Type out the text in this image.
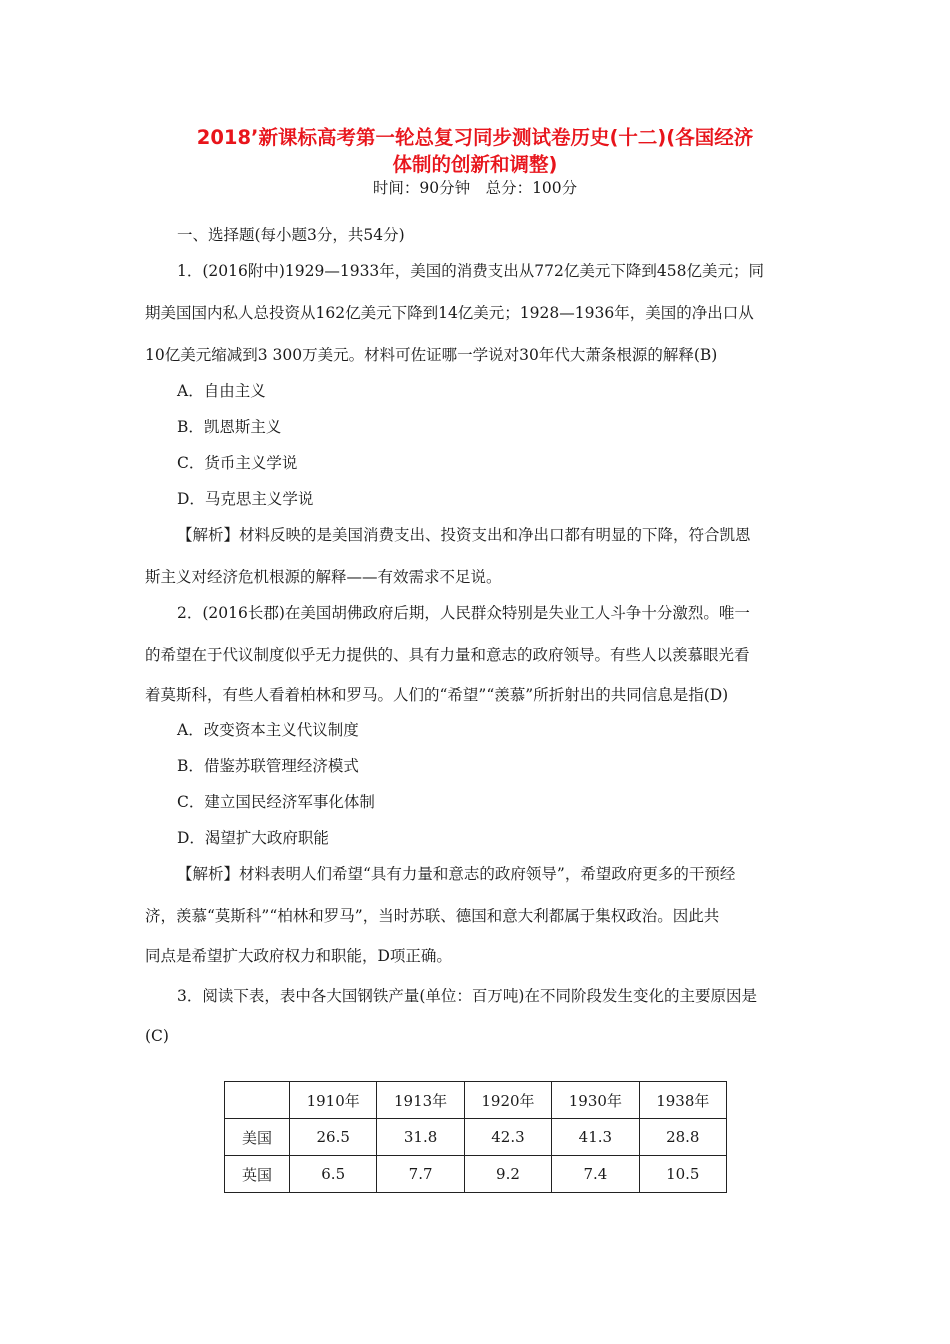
2018’新课标高考第一轮总复习同步测试卷历史(十二)(各国经济
体制的创新和调整)
时间：90分钟　总分：100分
一、选择题(每小题3分，共54分)
1．(2016附中)1929—1933年，美国的消费支出从772亿美元下降到458亿美元；同
期美国国内私人总投资从162亿美元下降到14亿美元；1928—1936年，美国的净出口从
10亿美元缩减到3 300万美元。材料可佐证哪一学说对30年代大萧条根源的解释(B)
A．自由主义
B．凯恩斯主义
C．货币主义学说
D．马克思主义学说
【解析】材料反映的是美国消费支出、投资支出和净出口都有明显的下降，符合凯恩
斯主义对经济危机根源的解释——有效需求不足说。
2．(2016长郡)在美国胡佛政府后期，人民群众特别是失业工人斗争十分激烈。唯一
的希望在于代议制度似乎无力提供的、具有力量和意志的政府领导。有些人以羡慕眼光看
着莫斯科，有些人看着柏林和罗马。人们的“希望”“羡慕”所折射出的共同信息是指(D)
A．改变资本主义代议制度
B．借鉴苏联管理经济模式
C．建立国民经济军事化体制
D．渴望扩大政府职能
【解析】材料表明人们希望“具有力量和意志的政府领导”，希望政府更多的干预经
济，羡慕“莫斯科”“柏林和罗马”，当时苏联、德国和意大利都属于集权政治。因此共
同点是希望扩大政府权力和职能，D项正确。
3．阅读下表，表中各大国钢铁产量(单位：百万吨)在不同阶段发生变化的主要原因是
(C)
	1910年	1913年	1920年	1930年	1938年
美国	26.5	31.8	42.3	41.3	28.8
英国	6.5	7.7	9.2	7.4	10.5
